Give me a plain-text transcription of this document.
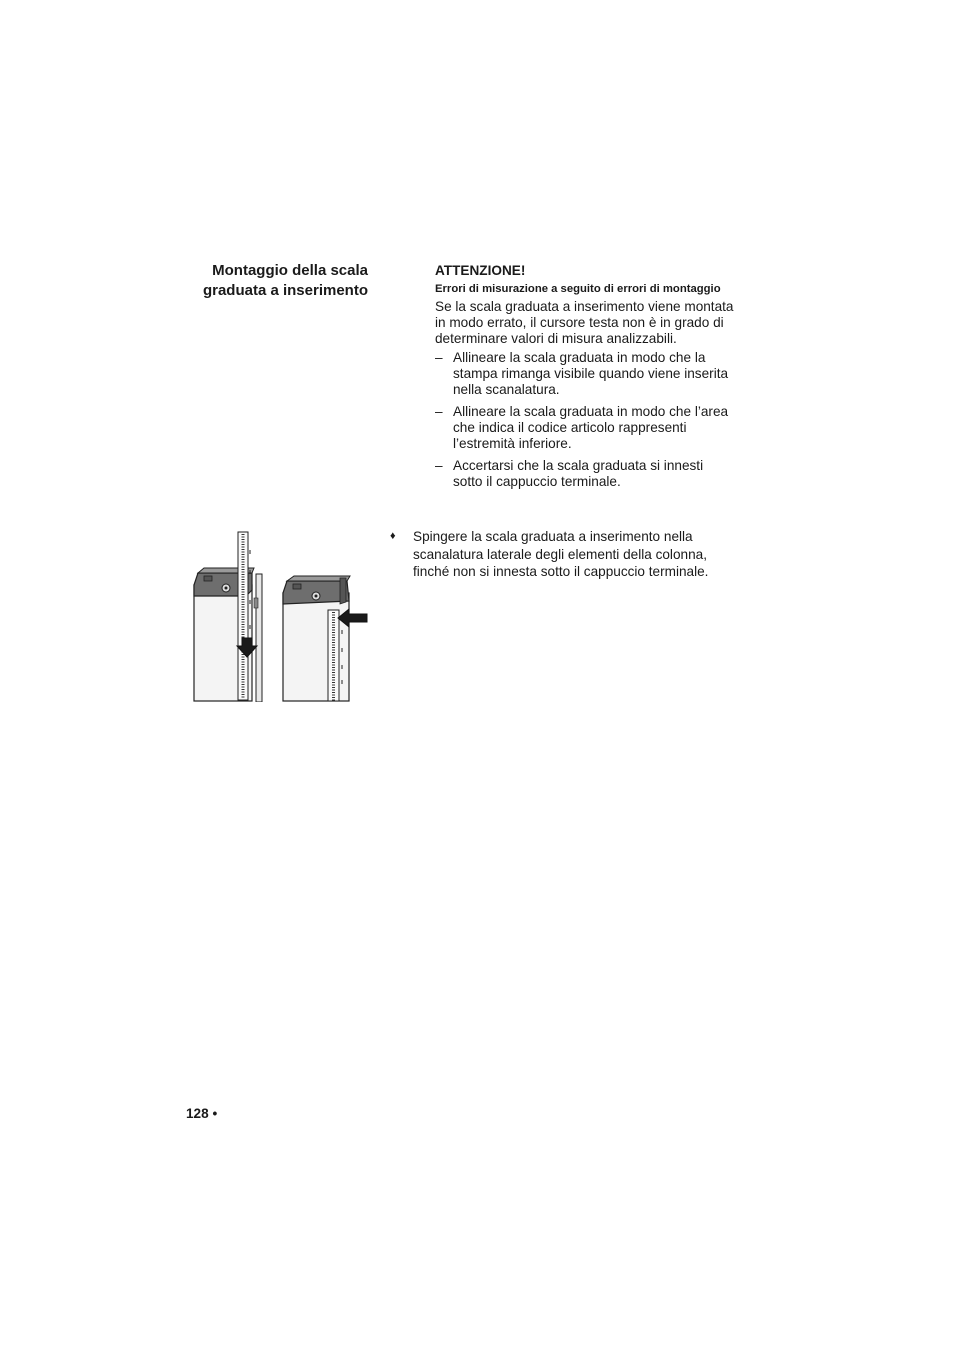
Montaggio della scala
graduata a inserimento

ATTENZIONE!

Errori di misurazione a seguito di errori di montaggio

Se la scala graduata a inserimento viene montata in modo errato, il cursore testa non è in grado di determinare valori di misura analizzabili.

– Allineare la scala graduata in modo che la stampa rimanga visibile quando viene inserita nella scanalatura.
– Allineare la scala graduata in modo che l’area che indica il codice articolo rappresenti l’estremità inferiore.
– Accertarsi che la scala graduata si innesti sotto il cappuccio terminale.
♦	Spingere la scala graduata a inserimento nella scanalatura laterale degli elementi della colonna, finché non si innesta sotto il cappuccio terminale.
128 •
